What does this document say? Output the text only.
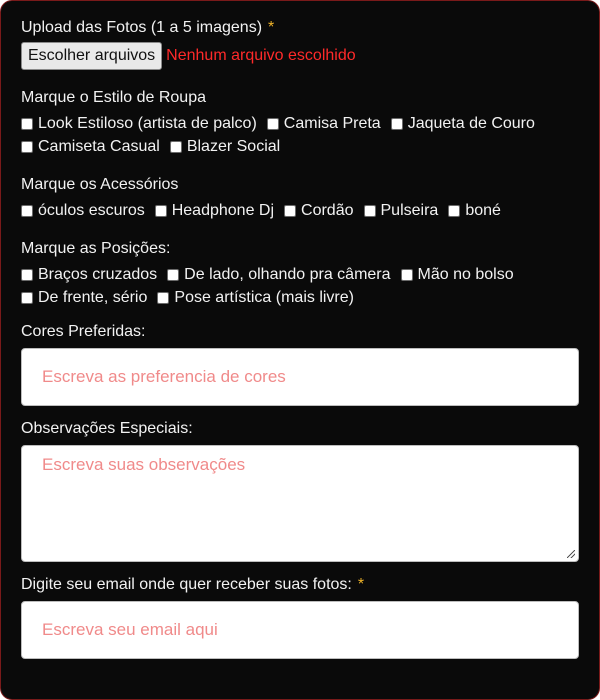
Upload das Fotos (1 a 5 imagens) *
Escolher arquivos Nenhum arquivo escolhido
Marque o Estilo de Roupa
Look Estiloso (artista de palco) Camisa Preta Jaqueta de Couro
Camiseta Casual Blazer Social
Marque os Acessórios
óculos escuros Headphone Dj Cordão Pulseira boné
Marque as Posições:
Braços cruzados De lado, olhando pra câmera Mão no bolso
De frente, sério Pose artística (mais livre)
Cores Preferidas:
Escreva as preferencia de cores
Observações Especiais:
Escreva suas observações
Digite seu email onde quer receber suas fotos: *
Escreva seu email aqui
